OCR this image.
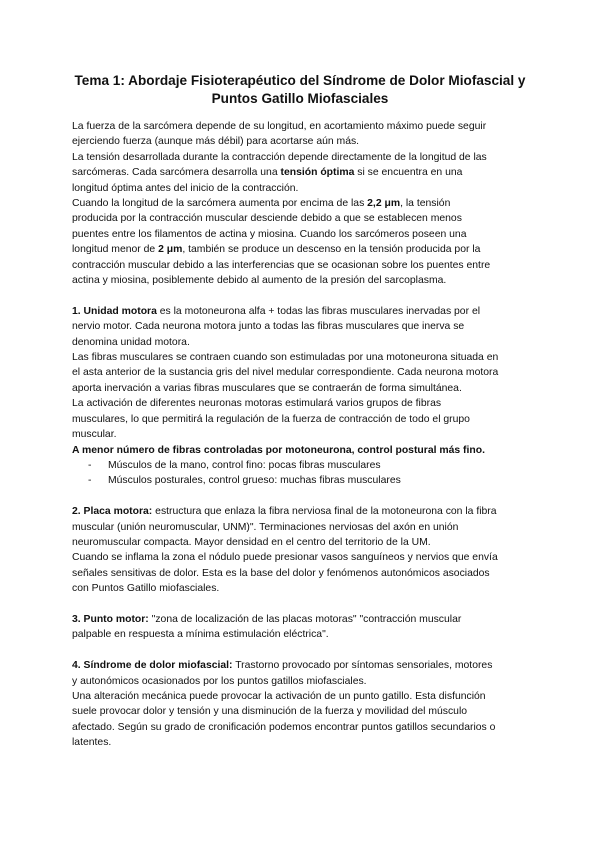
Tema 1: Abordaje Fisioterapéutico del Síndrome de Dolor Miofascial y
Puntos Gatillo Miofasciales
La fuerza de la sarcómera depende de su longitud, en acortamiento máximo puede seguir
ejerciendo fuerza (aunque más débil) para acortarse aún más.
La tensión desarrollada durante la contracción depende directamente de la longitud de las
sarcómeras. Cada sarcómera desarrolla una tensión óptima si se encuentra en una
longitud óptima antes del inicio de la contracción.
Cuando la longitud de la sarcómera aumenta por encima de las 2,2 μm, la tensión
producida por la contracción muscular desciende debido a que se establecen menos
puentes entre los filamentos de actina y miosina. Cuando los sarcómeros poseen una
longitud menor de 2 μm, también se produce un descenso en la tensión producida por la
contracción muscular debido a las interferencias que se ocasionan sobre los puentes entre
actina y miosina, posiblemente debido al aumento de la presión del sarcoplasma.
1. Unidad motora es la motoneurona alfa + todas las fibras musculares inervadas por el
nervio motor. Cada neurona motora junto a todas las fibras musculares que inerva se
denomina unidad motora.
Las fibras musculares se contraen cuando son estimuladas por una motoneurona situada en
el asta anterior de la sustancia gris del nivel medular correspondiente. Cada neurona motora
aporta inervación a varias fibras musculares que se contraerán de forma simultánea.
La activación de diferentes neuronas motoras estimulará varios grupos de fibras
musculares, lo que permitirá la regulación de la fuerza de contracción de todo el grupo
muscular.
A menor número de fibras controladas por motoneurona, control postural más fino.
- Músculos de la mano, control fino: pocas fibras musculares
- Músculos posturales, control grueso: muchas fibras musculares
2. Placa motora: estructura que enlaza la fibra nerviosa final de la motoneurona con la fibra
muscular (unión neuromuscular, UNM)". Terminaciones nerviosas del axón en unión
neuromuscular compacta. Mayor densidad en el centro del territorio de la UM.
Cuando se inflama la zona el nódulo puede presionar vasos sanguíneos y nervios que envía
señales sensitivas de dolor. Esta es la base del dolor y fenómenos autonómicos asociados
con Puntos Gatillo miofasciales.
3. Punto motor: "zona de localización de las placas motoras" "contracción muscular
palpable en respuesta a mínima estimulación eléctrica".
4. Síndrome de dolor miofascial: Trastorno provocado por síntomas sensoriales, motores
y autonómicos ocasionados por los puntos gatillos miofasciales.
Una alteración mecánica puede provocar la activación de un punto gatillo. Esta disfunción
suele provocar dolor y tensión y una disminución de la fuerza y movilidad del músculo
afectado. Según su grado de cronificación podemos encontrar puntos gatillos secundarios o
latentes.
